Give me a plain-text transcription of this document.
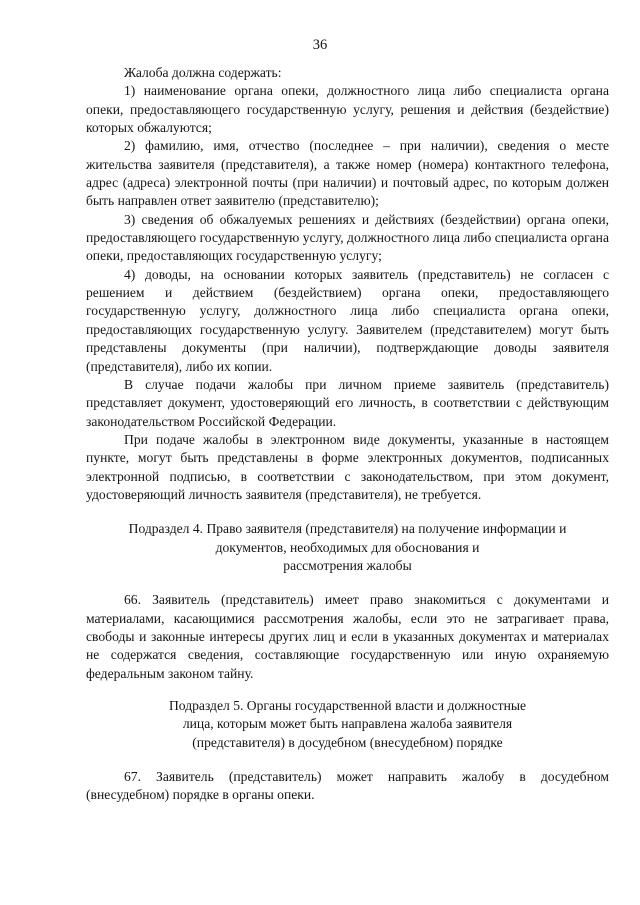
36

Жалоба должна содержать:

1) наименование органа опеки, должностного лица либо специалиста органа опеки, предоставляющего государственную услугу, решения и действия (бездействие) которых обжалуются;

2) фамилию, имя, отчество (последнее – при наличии), сведения о месте жительства заявителя (представителя), а также номер (номера) контактного телефона, адрес (адреса) электронной почты (при наличии) и почтовый адрес, по которым должен быть направлен ответ заявителю (представителю);

3) сведения об обжалуемых решениях и действиях (бездействии) органа опеки, предоставляющего государственную услугу, должностного лица либо специалиста органа опеки, предоставляющих государственную услугу;

4) доводы, на основании которых заявитель (представитель) не согласен с решением и действием (бездействием) органа опеки, предоставляющего государственную услугу, должностного лица либо специалиста органа опеки, предоставляющих государственную услугу. Заявителем (представителем) могут быть представлены документы (при наличии), подтверждающие доводы заявителя (представителя), либо их копии.

В случае подачи жалобы при личном приеме заявитель (представитель) представляет документ, удостоверяющий его личность, в соответствии с действующим законодательством Российской Федерации.

При подаче жалобы в электронном виде документы, указанные в настоящем пункте, могут быть представлены в форме электронных документов, подписанных электронной подписью, в соответствии с законодательством, при этом документ, удостоверяющий личность заявителя (представителя), не требуется.

Подраздел 4. Право заявителя (представителя) на получение информации и
документов, необходимых для обоснования и
рассмотрения жалобы

66. Заявитель (представитель) имеет право знакомиться с документами и материалами, касающимися рассмотрения жалобы, если это не затрагивает права, свободы и законные интересы других лиц и если в указанных документах и материалах не содержатся сведения, составляющие государственную или иную охраняемую федеральным законом тайну.

Подраздел 5. Органы государственной власти и должностные
лица, которым может быть направлена жалоба заявителя
(представителя) в досудебном (внесудебном) порядке

67. Заявитель (представитель) может направить жалобу в досудебном (внесудебном) порядке в органы опеки.
